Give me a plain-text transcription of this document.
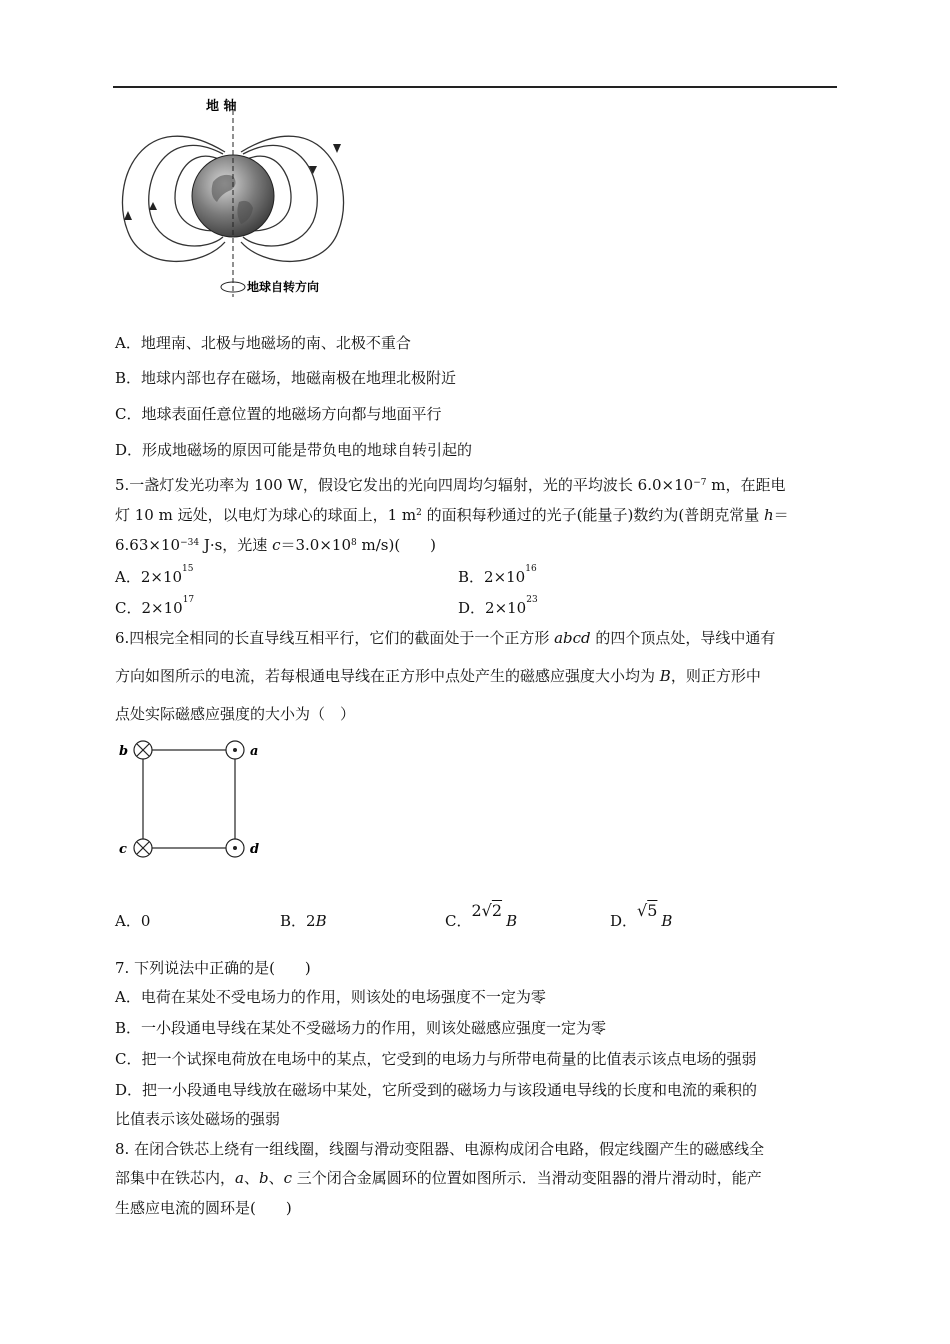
地 轴
地球自转方向
A．地理南、北极与地磁场的南、北极不重合
B．地球内部也存在磁场，地磁南极在地理北极附近
C．地球表面任意位置的地磁场方向都与地面平行
D．形成地磁场的原因可能是带负电的地球自转引起的
5.一盏灯发光功率为 100 W，假设它发出的光向四周均匀辐射，光的平均波长 $6.0\times 10^{-7}$ m，在距电
灯 10 m 远处，以电灯为球心的球面上，1 $m^2$ 的面积每秒通过的光子(能量子)数约为(普朗克常量 h＝
$6.63\times 10^{-34}$ J·s，光速 $c=3.0\times 10^8$ m/s)(　　)
A．$2\times 10^{15}$	B．$2\times 10^{16}$
C．$2\times 10^{17}$	D．$2\times 10^{23}$
6.四根完全相同的长直导线互相平行，它们的截面处于一个正方形 abcd 的四个顶点处，导线中通有
方向如图所示的电流，若每根通电导线在正方形中点处产生的磁感应强度大小均为 B，则正方形中
点处实际磁感应强度的大小为（　）
b	a
c	d
A．0	B．2B	C．2√2B	D．√5B
7. 下列说法中正确的是(　　)
A．电荷在某处不受电场力的作用，则该处的电场强度不一定为零
B．一小段通电导线在某处不受磁场力的作用，则该处磁感应强度一定为零
C．把一个试探电荷放在电场中的某点，它受到的电场力与所带电荷量的比值表示该点电场的强弱
D．把一小段通电导线放在磁场中某处，它所受到的磁场力与该段通电导线的长度和电流的乘积的
比值表示该处磁场的强弱
8. 在闭合铁芯上绕有一组线圈，线圈与滑动变阻器、电源构成闭合电路，假定线圈产生的磁感线全
部集中在铁芯内，a、b、c 三个闭合金属圆环的位置如图所示．当滑动变阻器的滑片滑动时，能产
生感应电流的圆环是(　　)
